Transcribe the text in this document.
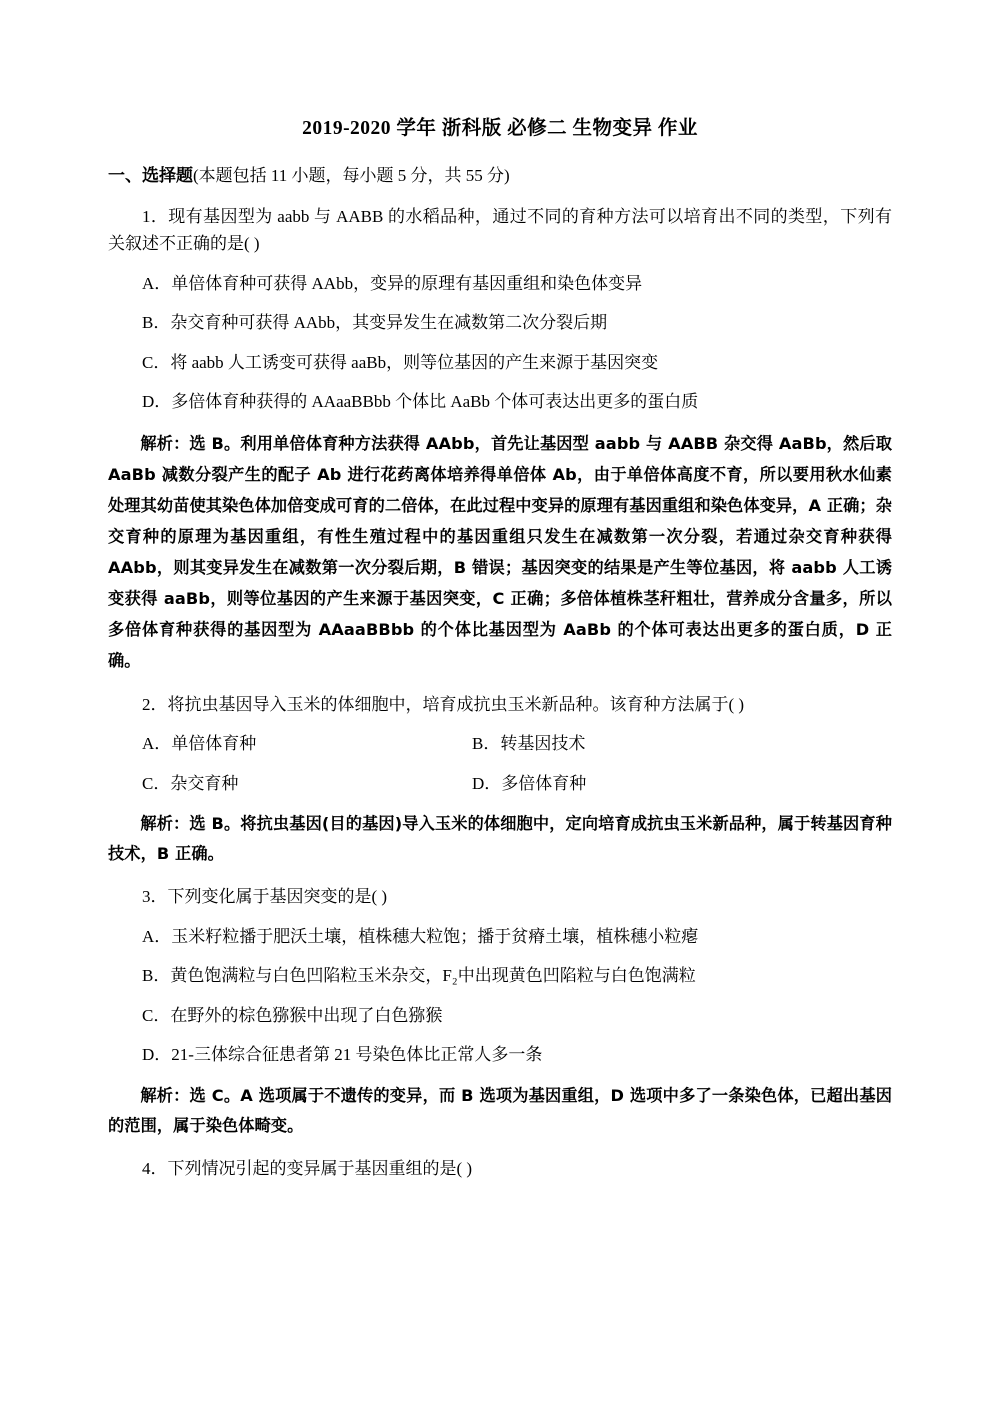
2019-2020 学年 浙科版 必修二 生物变异 作业

一、选择题(本题包括 11 小题，每小题 5 分，共 55 分)

1．现有基因型为 aabb 与 AABB 的水稻品种，通过不同的育种方法可以培育出不同的类型，下列有关叙述不正确的是( )

A．单倍体育种可获得 AAbb，变异的原理有基因重组和染色体变异

B．杂交育种可获得 AAbb，其变异发生在减数第二次分裂后期

C．将 aabb 人工诱变可获得 aaBb，则等位基因的产生来源于基因突变

D．多倍体育种获得的 AAaaBBbb 个体比 AaBb 个体可表达出更多的蛋白质

解析：选 B。利用单倍体育种方法获得 AAbb，首先让基因型 aabb 与 AABB 杂交得 AaBb，然后取 AaBb 减数分裂产生的配子 Ab 进行花药离体培养得单倍体 Ab，由于单倍体高度不育，所以要用秋水仙素处理其幼苗使其染色体加倍变成可育的二倍体，在此过程中变异的原理有基因重组和染色体变异，A 正确；杂交育种的原理为基因重组，有性生殖过程中的基因重组只发生在减数第一次分裂，若通过杂交育种获得 AAbb，则其变异发生在减数第一次分裂后期，B 错误；基因突变的结果是产生等位基因，将 aabb 人工诱变获得 aaBb，则等位基因的产生来源于基因突变，C 正确；多倍体植株茎秆粗壮，营养成分含量多，所以多倍体育种获得的基因型为 AAaaBBbb 的个体比基因型为 AaBb 的个体可表达出更多的蛋白质，D 正确。

2．将抗虫基因导入玉米的体细胞中，培育成抗虫玉米新品种。该育种方法属于( )

A．单倍体育种	B．转基因技术

C．杂交育种	D．多倍体育种

解析：选 B。将抗虫基因(目的基因)导入玉米的体细胞中，定向培育成抗虫玉米新品种，属于转基因育种技术，B 正确。

3．下列变化属于基因突变的是( )

A．玉米籽粒播于肥沃土壤，植株穗大粒饱；播于贫瘠土壤，植株穗小粒瘪

B．黄色饱满粒与白色凹陷粒玉米杂交，F₂中出现黄色凹陷粒与白色饱满粒

C．在野外的棕色猕猴中出现了白色猕猴

D．21-三体综合征患者第 21 号染色体比正常人多一条

解析：选 C。A 选项属于不遗传的变异，而 B 选项为基因重组，D 选项中多了一条染色体，已超出基因的范围，属于染色体畸变。

4．下列情况引起的变异属于基因重组的是( )
